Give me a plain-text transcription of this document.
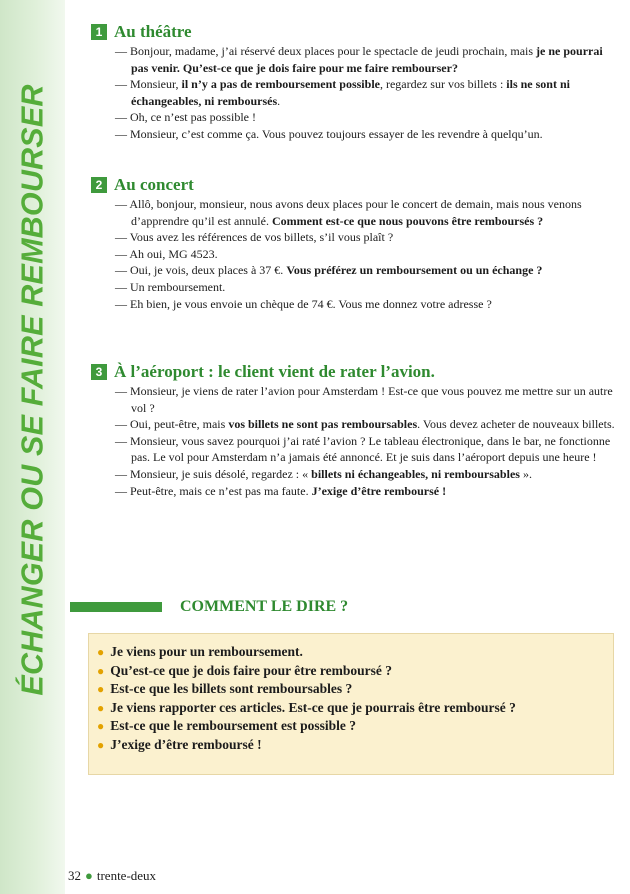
ÉCHANGER OU SE FAIRE REMBOURSER
1 Au théâtre
— Bonjour, madame, j’ai réservé deux places pour le spectacle de jeudi prochain, mais je ne pourrai pas venir. Qu’est-ce que je dois faire pour me faire rembourser?
— Monsieur, il n’y a pas de remboursement possible, regardez sur vos billets : ils ne sont ni échangeables, ni remboursés.
— Oh, ce n’est pas possible !
— Monsieur, c’est comme ça. Vous pouvez toujours essayer de les revendre à quelqu’un.
2 Au concert
— Allô, bonjour, monsieur, nous avons deux places pour le concert de demain, mais nous venons d’apprendre qu’il est annulé. Comment est-ce que nous pouvons être remboursés ?
— Vous avez les références de vos billets, s’il vous plaît ?
— Ah oui, MG 4523.
— Oui, je vois, deux places à 37 €. Vous préférez un remboursement ou un échange ?
— Un remboursement.
— Eh bien, je vous envoie un chèque de 74 €. Vous me donnez votre adresse ?
3 À l’aéroport : le client vient de rater l’avion.
— Monsieur, je viens de rater l’avion pour Amsterdam ! Est-ce que vous pouvez me mettre sur un autre vol ?
— Oui, peut-être, mais vos billets ne sont pas remboursables. Vous devez acheter de nouveaux billets.
— Monsieur, vous savez pourquoi j’ai raté l’avion ? Le tableau électronique, dans le bar, ne fonctionne pas. Le vol pour Amsterdam n’a jamais été annoncé. Et je suis dans l’aéroport depuis une heure !
— Monsieur, je suis désolé, regardez : « billets ni échangeables, ni remboursables ».
— Peut-être, mais ce n’est pas ma faute. J’exige d’être remboursé !
COMMENT LE DIRE ?
● Je viens pour un remboursement.
● Qu’est-ce que je dois faire pour être remboursé ?
● Est-ce que les billets sont remboursables ?
● Je viens rapporter ces articles. Est-ce que je pourrais être remboursé ?
● Est-ce que le remboursement est possible ?
● J’exige d’être remboursé !
32 ● trente-deux
